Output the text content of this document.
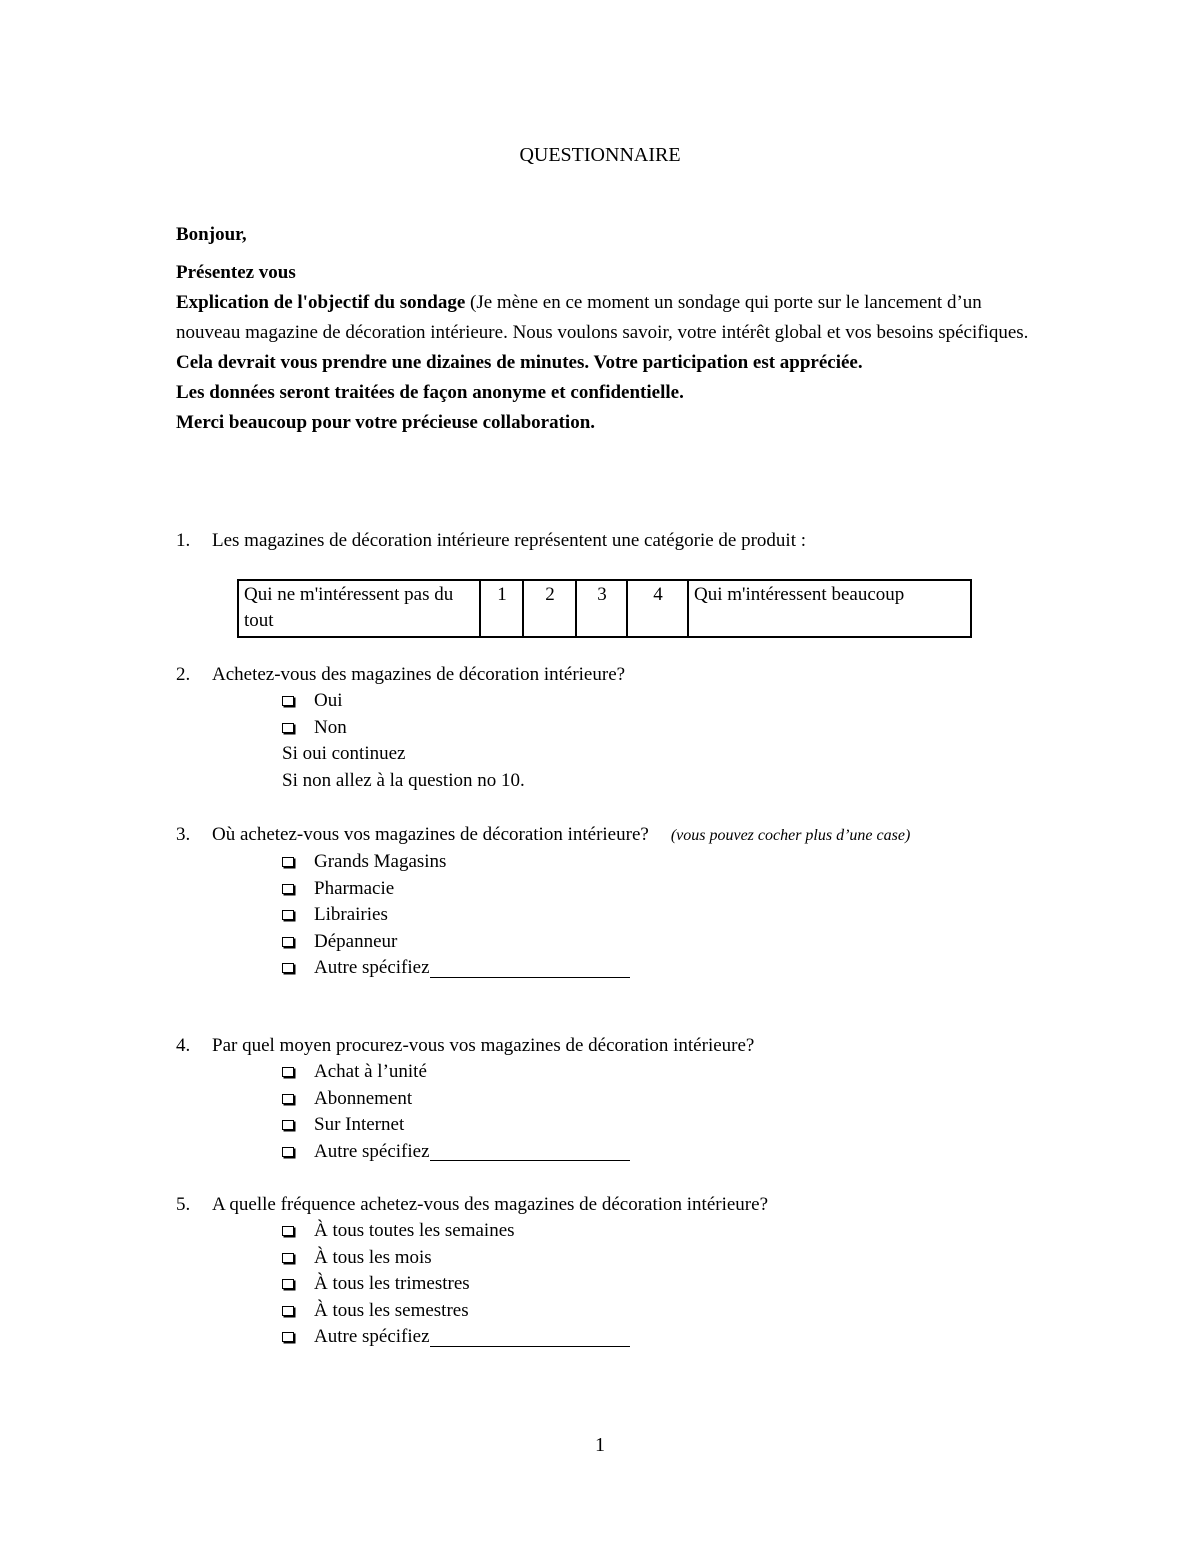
QUESTIONNAIRE

Bonjour,

Présentez vous

Explication de l'objectif du sondage (Je mène en ce moment un sondage qui porte sur le lancement d’un nouveau magazine de décoration intérieure. Nous voulons savoir, votre intérêt global et vos besoins spécifiques.

Cela devrait vous prendre une dizaines de minutes. Votre participation est appréciée.

Les données seront traitées de façon anonyme et confidentielle.

Merci beaucoup pour votre précieuse collaboration.

1.	Les magazines de décoration intérieure représentent une catégorie de produit :
Qui ne m'intéressent pas du tout	1	2	3	4	Qui m'intéressent beaucoup
2.	Achetez-vous des magazines de décoration intérieure?
Oui
Non
Si oui continuez
Si non allez à la question no 10.
3.	Où achetez-vous vos magazines de décoration intérieure? (vous pouvez cocher plus d’une case)
Grands Magasins
Pharmacie
Librairies
Dépanneur
Autre spécifiez
4.	Par quel moyen procurez-vous vos magazines de décoration intérieure?
Achat à l’unité
Abonnement
Sur Internet
Autre spécifiez
5.	A quelle fréquence achetez-vous des magazines de décoration intérieure?
À tous toutes les semaines
À tous les mois
À tous les trimestres
À tous les semestres
Autre spécifiez
1
